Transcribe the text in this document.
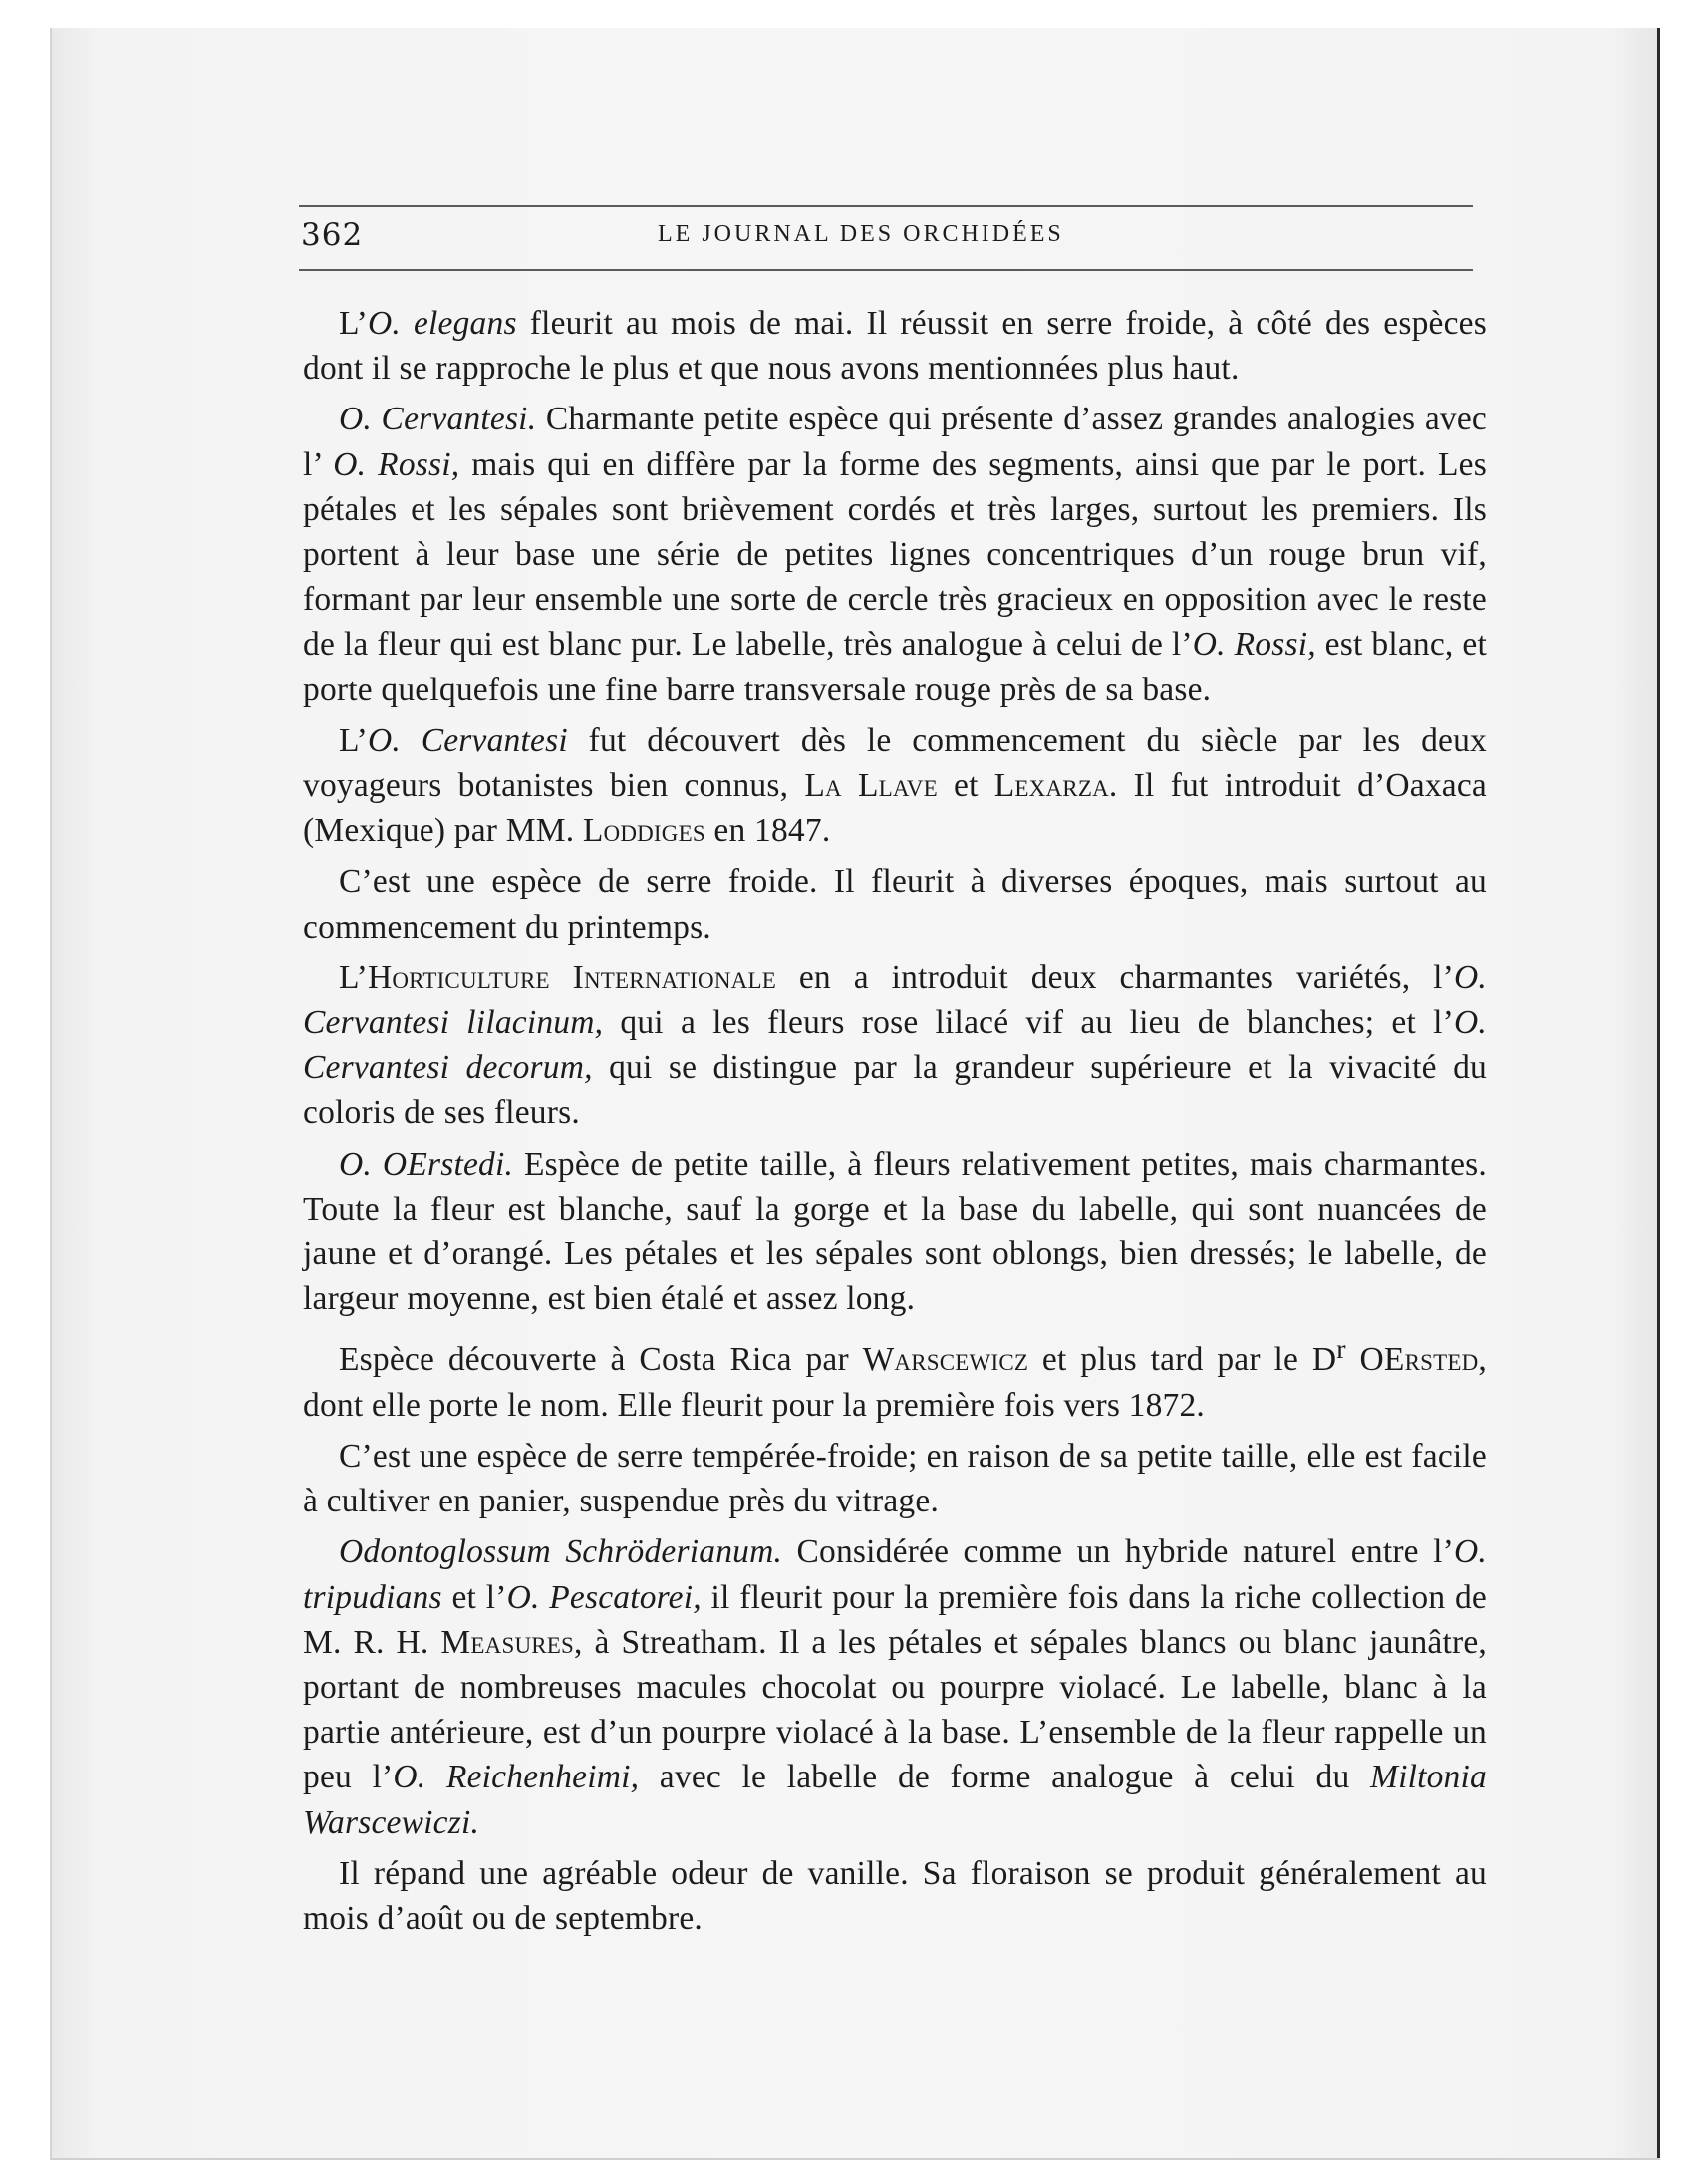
362	LE JOURNAL DES ORCHIDÉES

L’O. elegans fleurit au mois de mai. Il réussit en serre froide, à côté des espèces dont il se rapproche le plus et que nous avons mentionnées plus haut.

O. Cervantesi. Charmante petite espèce qui présente d’assez grandes analogies avec l’ O. Rossi, mais qui en diffère par la forme des segments, ainsi que par le port. Les pétales et les sépales sont brièvement cordés et très larges, surtout les premiers. Ils portent à leur base une série de petites lignes concentriques d’un rouge brun vif, formant par leur ensemble une sorte de cercle très gracieux en opposition avec le reste de la fleur qui est blanc pur. Le labelle, très analogue à celui de l’O. Rossi, est blanc, et porte quelquefois une fine barre transversale rouge près de sa base.

L’O. Cervantesi fut découvert dès le commencement du siècle par les deux voyageurs botanistes bien connus, La Llave et Lexarza. Il fut introduit d’Oaxaca (Mexique) par MM. Loddiges en 1847.

C’est une espèce de serre froide. Il fleurit à diverses époques, mais surtout au commencement du printemps.

L’Horticulture Internationale en a introduit deux charmantes variétés, l’O. Cervantesi lilacinum, qui a les fleurs rose lilacé vif au lieu de blanches; et l’O. Cervantesi decorum, qui se distingue par la grandeur supérieure et la vivacité du coloris de ses fleurs.

O. OErstedi. Espèce de petite taille, à fleurs relativement petites, mais charmantes. Toute la fleur est blanche, sauf la gorge et la base du labelle, qui sont nuancées de jaune et d’orangé. Les pétales et les sépales sont oblongs, bien dressés; le labelle, de largeur moyenne, est bien étalé et assez long.

Espèce découverte à Costa Rica par Warscewicz et plus tard par le $D^r$ OErsted, dont elle porte le nom. Elle fleurit pour la première fois vers 1872.

C’est une espèce de serre tempérée-froide; en raison de sa petite taille, elle est facile à cultiver en panier, suspendue près du vitrage.

Odontoglossum Schröderianum. Considérée comme un hybride naturel entre l’O. tripudians et l’O. Pescatorei, il fleurit pour la première fois dans la riche collection de M. R. H. Measures, à Streatham. Il a les pétales et sépales blancs ou blanc jaunâtre, portant de nombreuses macules chocolat ou pourpre violacé. Le labelle, blanc à la partie antérieure, est d’un pourpre violacé à la base. L’ensemble de la fleur rappelle un peu l’O. Reichenheimi, avec le labelle de forme analogue à celui du Miltonia Warscewiczi.

Il répand une agréable odeur de vanille. Sa floraison se produit généralement au mois d’août ou de septembre.
